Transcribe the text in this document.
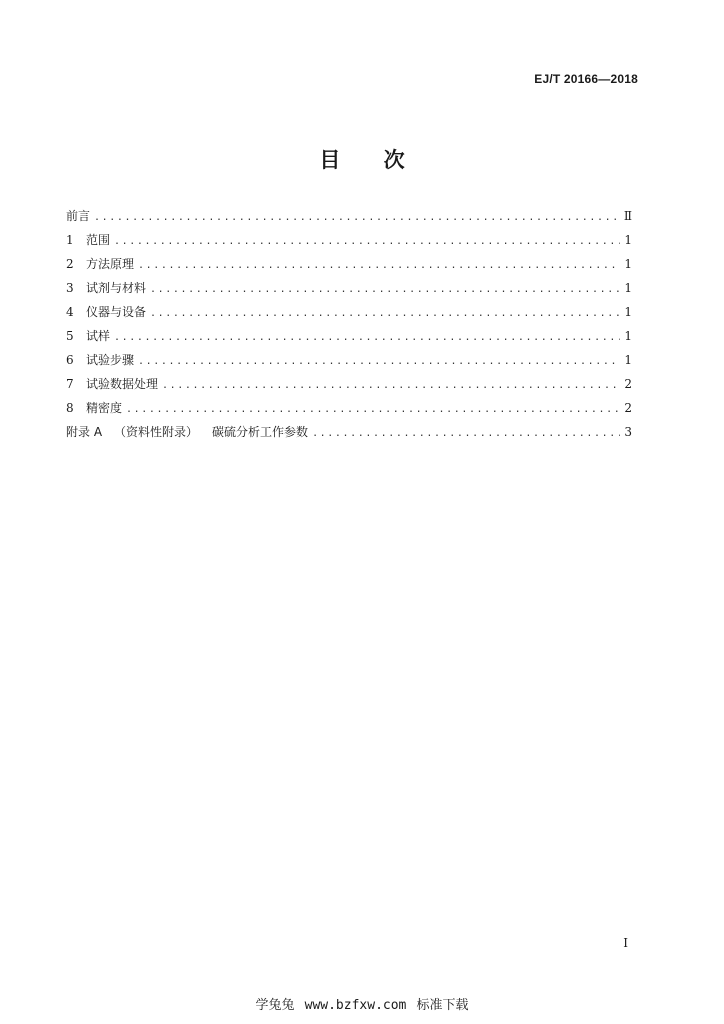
EJ/T 20166—2018
目 次
前言 .....	Ⅱ
1	范围 .....	1
2	方法原理 .....	1
3	试剂与材料 .....	1
4	仪器与设备 .....	1
5	试样 .....	1
6	试验步骤 .....	1
7	试验数据处理 .....	2
8	精密度 .....	2
附录 A （资料性附录） 碳硫分析工作参数 .....	3
Ⅰ
学兔兔 www.bzfxw.com 标准下载
